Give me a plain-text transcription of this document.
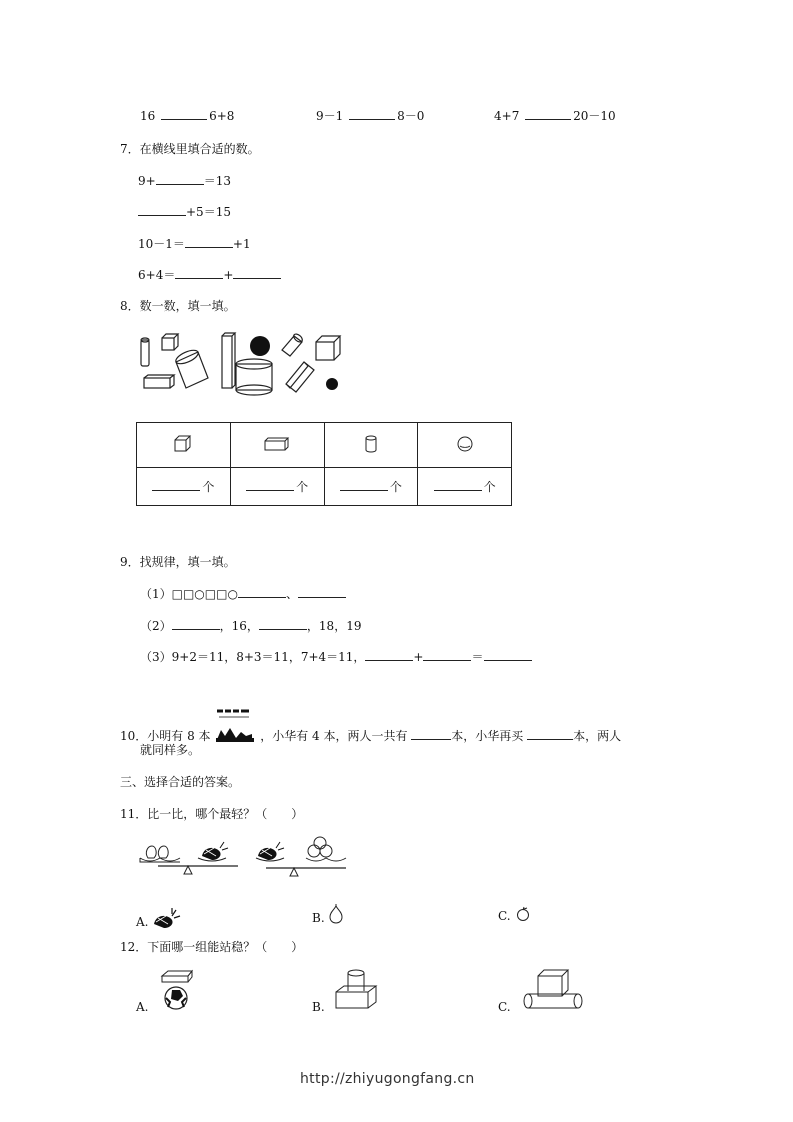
16	6+8	9－1	8－0	4+7	20－10
7．在横线里填合适的数。
9+	＝13
+5＝15
10－1＝	+1
6+4＝	+
8．数一数，填一填。

个	个	个	个
9．找规律，填一填。
（1）□□○□□○	、
（2）	，16，	，18，19
（3）9+2＝11，8+3＝11，7+4＝11，	+	＝
10．小明有 8 本	，小华有 4 本，两人一共有	本，小华再买	本，两人
就同样多。
三、选择合适的答案。
11．比一比，哪个最轻？（　　）
A.	B.	C.
12．下面哪一组能站稳？（　　）
A.	B.	C.
http://zhiyugongfang.cn
